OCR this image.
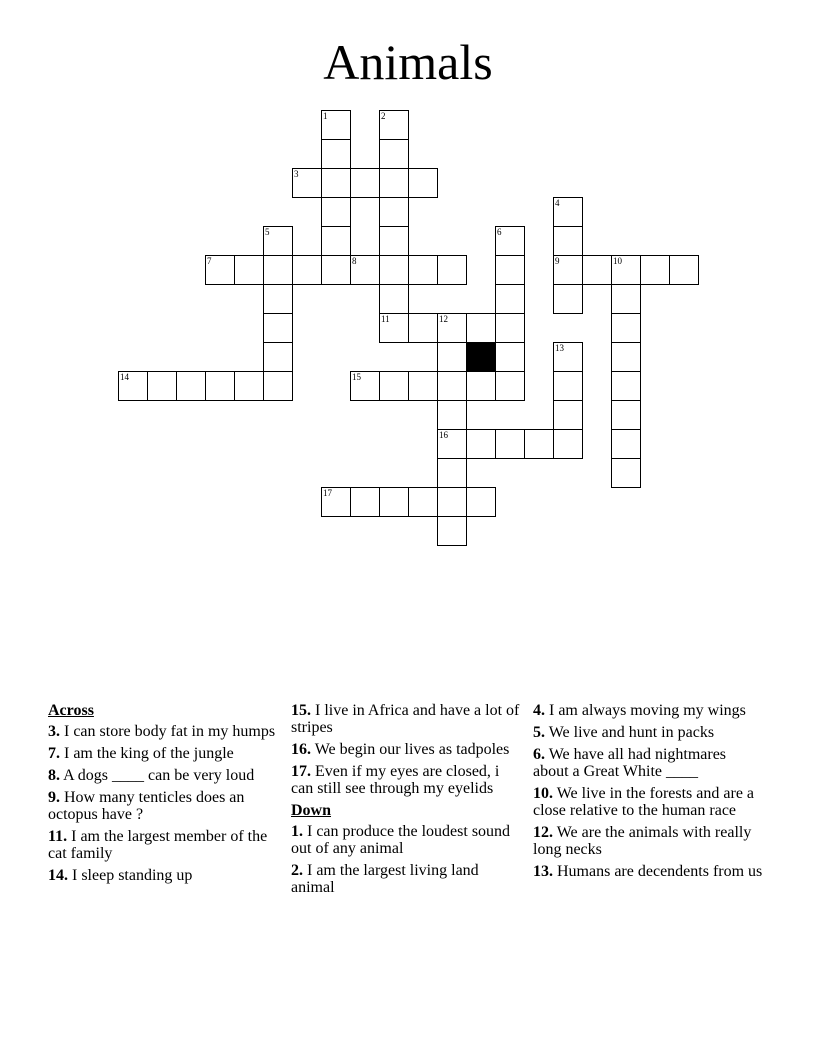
Animals
1	2
11
3
4
9
5	6
7	8	10
12
16
13
14	15
17
Across
3. I can store body fat in my humps
7. I am the king of the jungle
8. A dogs ____ can be very loud
9. How many tenticles does an octopus have ?
11. I am the largest member of the cat family
14. I sleep standing up
15. I live in Africa and have a lot of stripes
16. We begin our lives as tadpoles
17. Even if my eyes are closed, i can still see through my eyelids
Down
1. I can produce the loudest sound out of any animal
2. I am the largest living land animal
4. I am always moving my wings
5. We live and hunt in packs
6. We have all had nightmares about a Great White ____
10. We live in the forests and are a close relative to the human race
12. We are the animals with really long necks
13. Humans are decendents from us
